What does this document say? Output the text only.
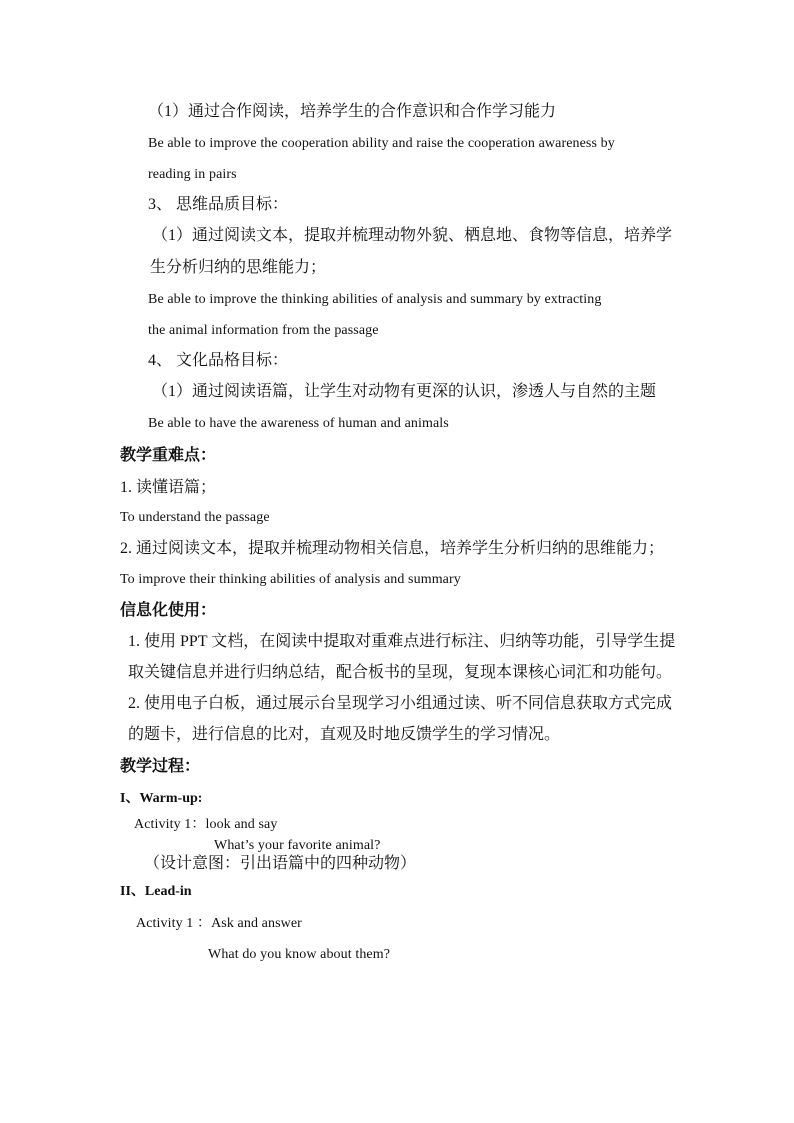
（1）通过合作阅读，培养学生的合作意识和合作学习能力
Be able to improve the cooperation ability and raise the cooperation awareness by
reading in pairs
3、 思维品质目标：
（1）通过阅读文本，提取并梳理动物外貌、栖息地、食物等信息，培养学
生分析归纳的思维能力；
Be able to improve the thinking abilities of analysis and summary by extracting
the animal information from the passage
4、 文化品格目标：
（1）通过阅读语篇，让学生对动物有更深的认识，渗透人与自然的主题
Be able to have the awareness of human and animals
教学重难点：
1. 读懂语篇；
To understand the passage
2. 通过阅读文本，提取并梳理动物相关信息，培养学生分析归纳的思维能力；
To improve their thinking abilities of analysis and summary
信息化使用：
1. 使用 PPT 文档，在阅读中提取对重难点进行标注、归纳等功能，引导学生提
取关键信息并进行归纳总结，配合板书的呈现，复现本课核心词汇和功能句。
2. 使用电子白板，通过展示台呈现学习小组通过读、听不同信息获取方式完成
的题卡，进行信息的比对，直观及时地反馈学生的学习情况。
教学过程：
I、Warm-up:
Activity 1：look and say
What’s your favorite animal?
（设计意图：引出语篇中的四种动物）
II、Lead-in
Activity 1 ：Ask and answer
What do you know about them?
